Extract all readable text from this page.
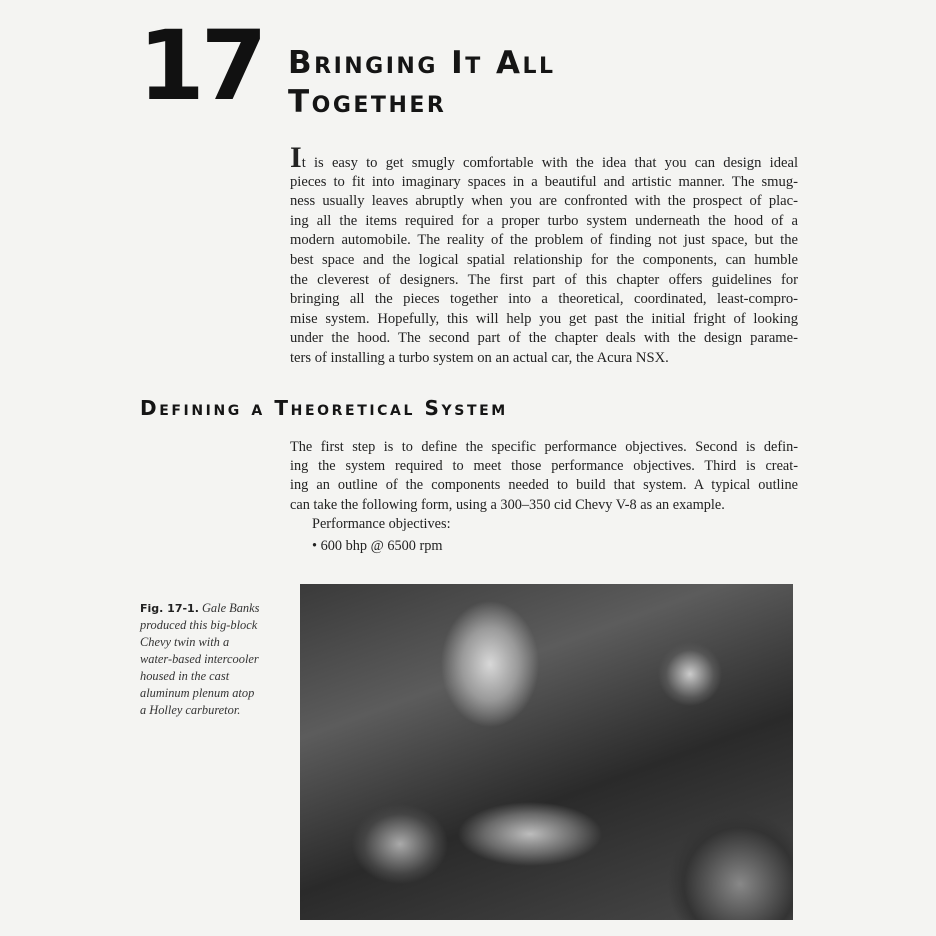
17 Bringing It All
Together
It is easy to get smugly comfortable with the idea that you can design ideal
pieces to fit into imaginary spaces in a beautiful and artistic manner. The smug-
ness usually leaves abruptly when you are confronted with the prospect of plac-
ing all the items required for a proper turbo system underneath the hood of a
modern automobile. The reality of the problem of finding not just space, but the
best space and the logical spatial relationship for the components, can humble
the cleverest of designers. The first part of this chapter offers guidelines for
bringing all the pieces together into a theoretical, coordinated, least-compro-
mise system. Hopefully, this will help you get past the initial fright of looking
under the hood. The second part of the chapter deals with the design parame-
ters of installing a turbo system on an actual car, the Acura NSX.
Defining a Theoretical System
The first step is to define the specific performance objectives. Second is defin-
ing the system required to meet those performance objectives. Third is creat-
ing an outline of the components needed to build that system. A typical outline
can take the following form, using a 300–350 cid Chevy V-8 as an example.
Performance objectives:
• 600 bhp @ 6500 rpm
Fig. 17-1. Gale Banks
produced this big-block
Chevy twin with a
water-based intercooler
housed in the cast
aluminum plenum atop
a Holley carburetor.
